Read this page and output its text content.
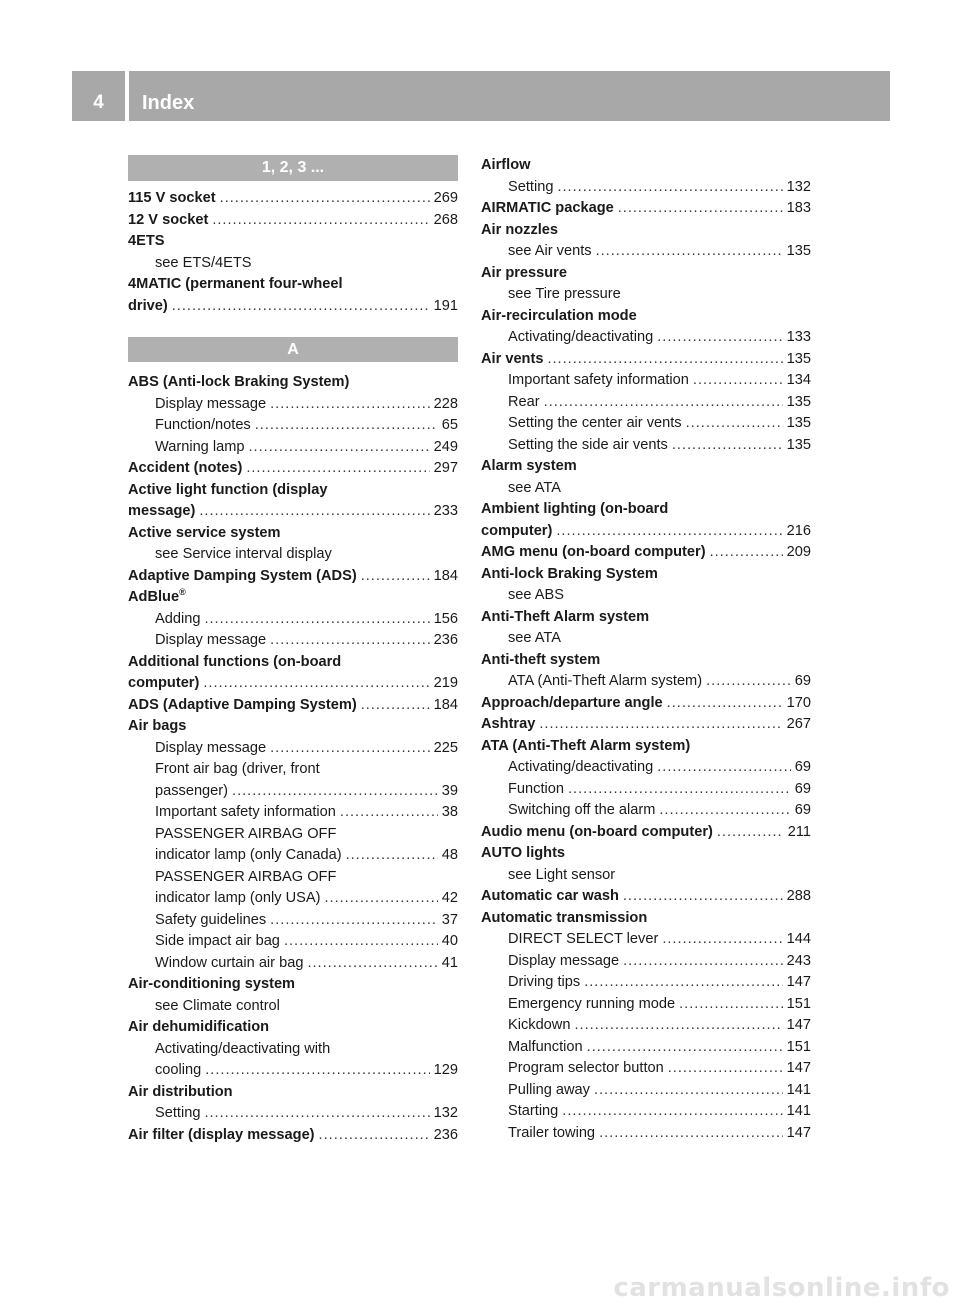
4	Index
1, 2, 3 ...
115 V socket .....	269
12 V socket .....	268
4ETS
see ETS/4ETS
4MATIC (permanent four-wheel
drive) .....	191
A
ABS (Anti-lock Braking System)
Display message .....	228
Function/notes .....	65
Warning lamp .....	249
Accident (notes) .....	297
Active light function (display
message) .....	233
Active service system
see Service interval display
Adaptive Damping System (ADS) .....	184
AdBlue®
Adding .....	156
Display message .....	236
Additional functions (on-board
computer) .....	219
ADS (Adaptive Damping System) .....	184
Air bags
Display message .....	225
Front air bag (driver, front
passenger) .....	39
Important safety information .....	38
PASSENGER AIRBAG OFF
indicator lamp (only Canada) .....	48
PASSENGER AIRBAG OFF
indicator lamp (only USA) .....	42
Safety guidelines .....	37
Side impact air bag .....	40
Window curtain air bag .....	41
Air-conditioning system
see Climate control
Air dehumidification
Activating/deactivating with
cooling .....	129
Air distribution
Setting .....	132
Air filter (display message) .....	236
Airflow
Setting .....	132
AIRMATIC package .....	183
Air nozzles
see Air vents .....	135
Air pressure
see Tire pressure
Air-recirculation mode
Activating/deactivating .....	133
Air vents .....	135
Important safety information .....	134
Rear .....	135
Setting the center air vents .....	135
Setting the side air vents .....	135
Alarm system
see ATA
Ambient lighting (on-board
computer) .....	216
AMG menu (on-board computer) .....	209
Anti-lock Braking System
see ABS
Anti-Theft Alarm system
see ATA
Anti-theft system
ATA (Anti-Theft Alarm system) .....	69
Approach/departure angle .....	170
Ashtray .....	267
ATA (Anti-Theft Alarm system)
Activating/deactivating .....	69
Function .....	69
Switching off the alarm .....	69
Audio menu (on-board computer) .....	211
AUTO lights
see Light sensor
Automatic car wash .....	288
Automatic transmission
DIRECT SELECT lever .....	144
Display message .....	243
Driving tips .....	147
Emergency running mode .....	151
Kickdown .....	147
Malfunction .....	151
Program selector button .....	147
Pulling away .....	141
Starting .....	141
Trailer towing .....	147
carmanualsonline.info
